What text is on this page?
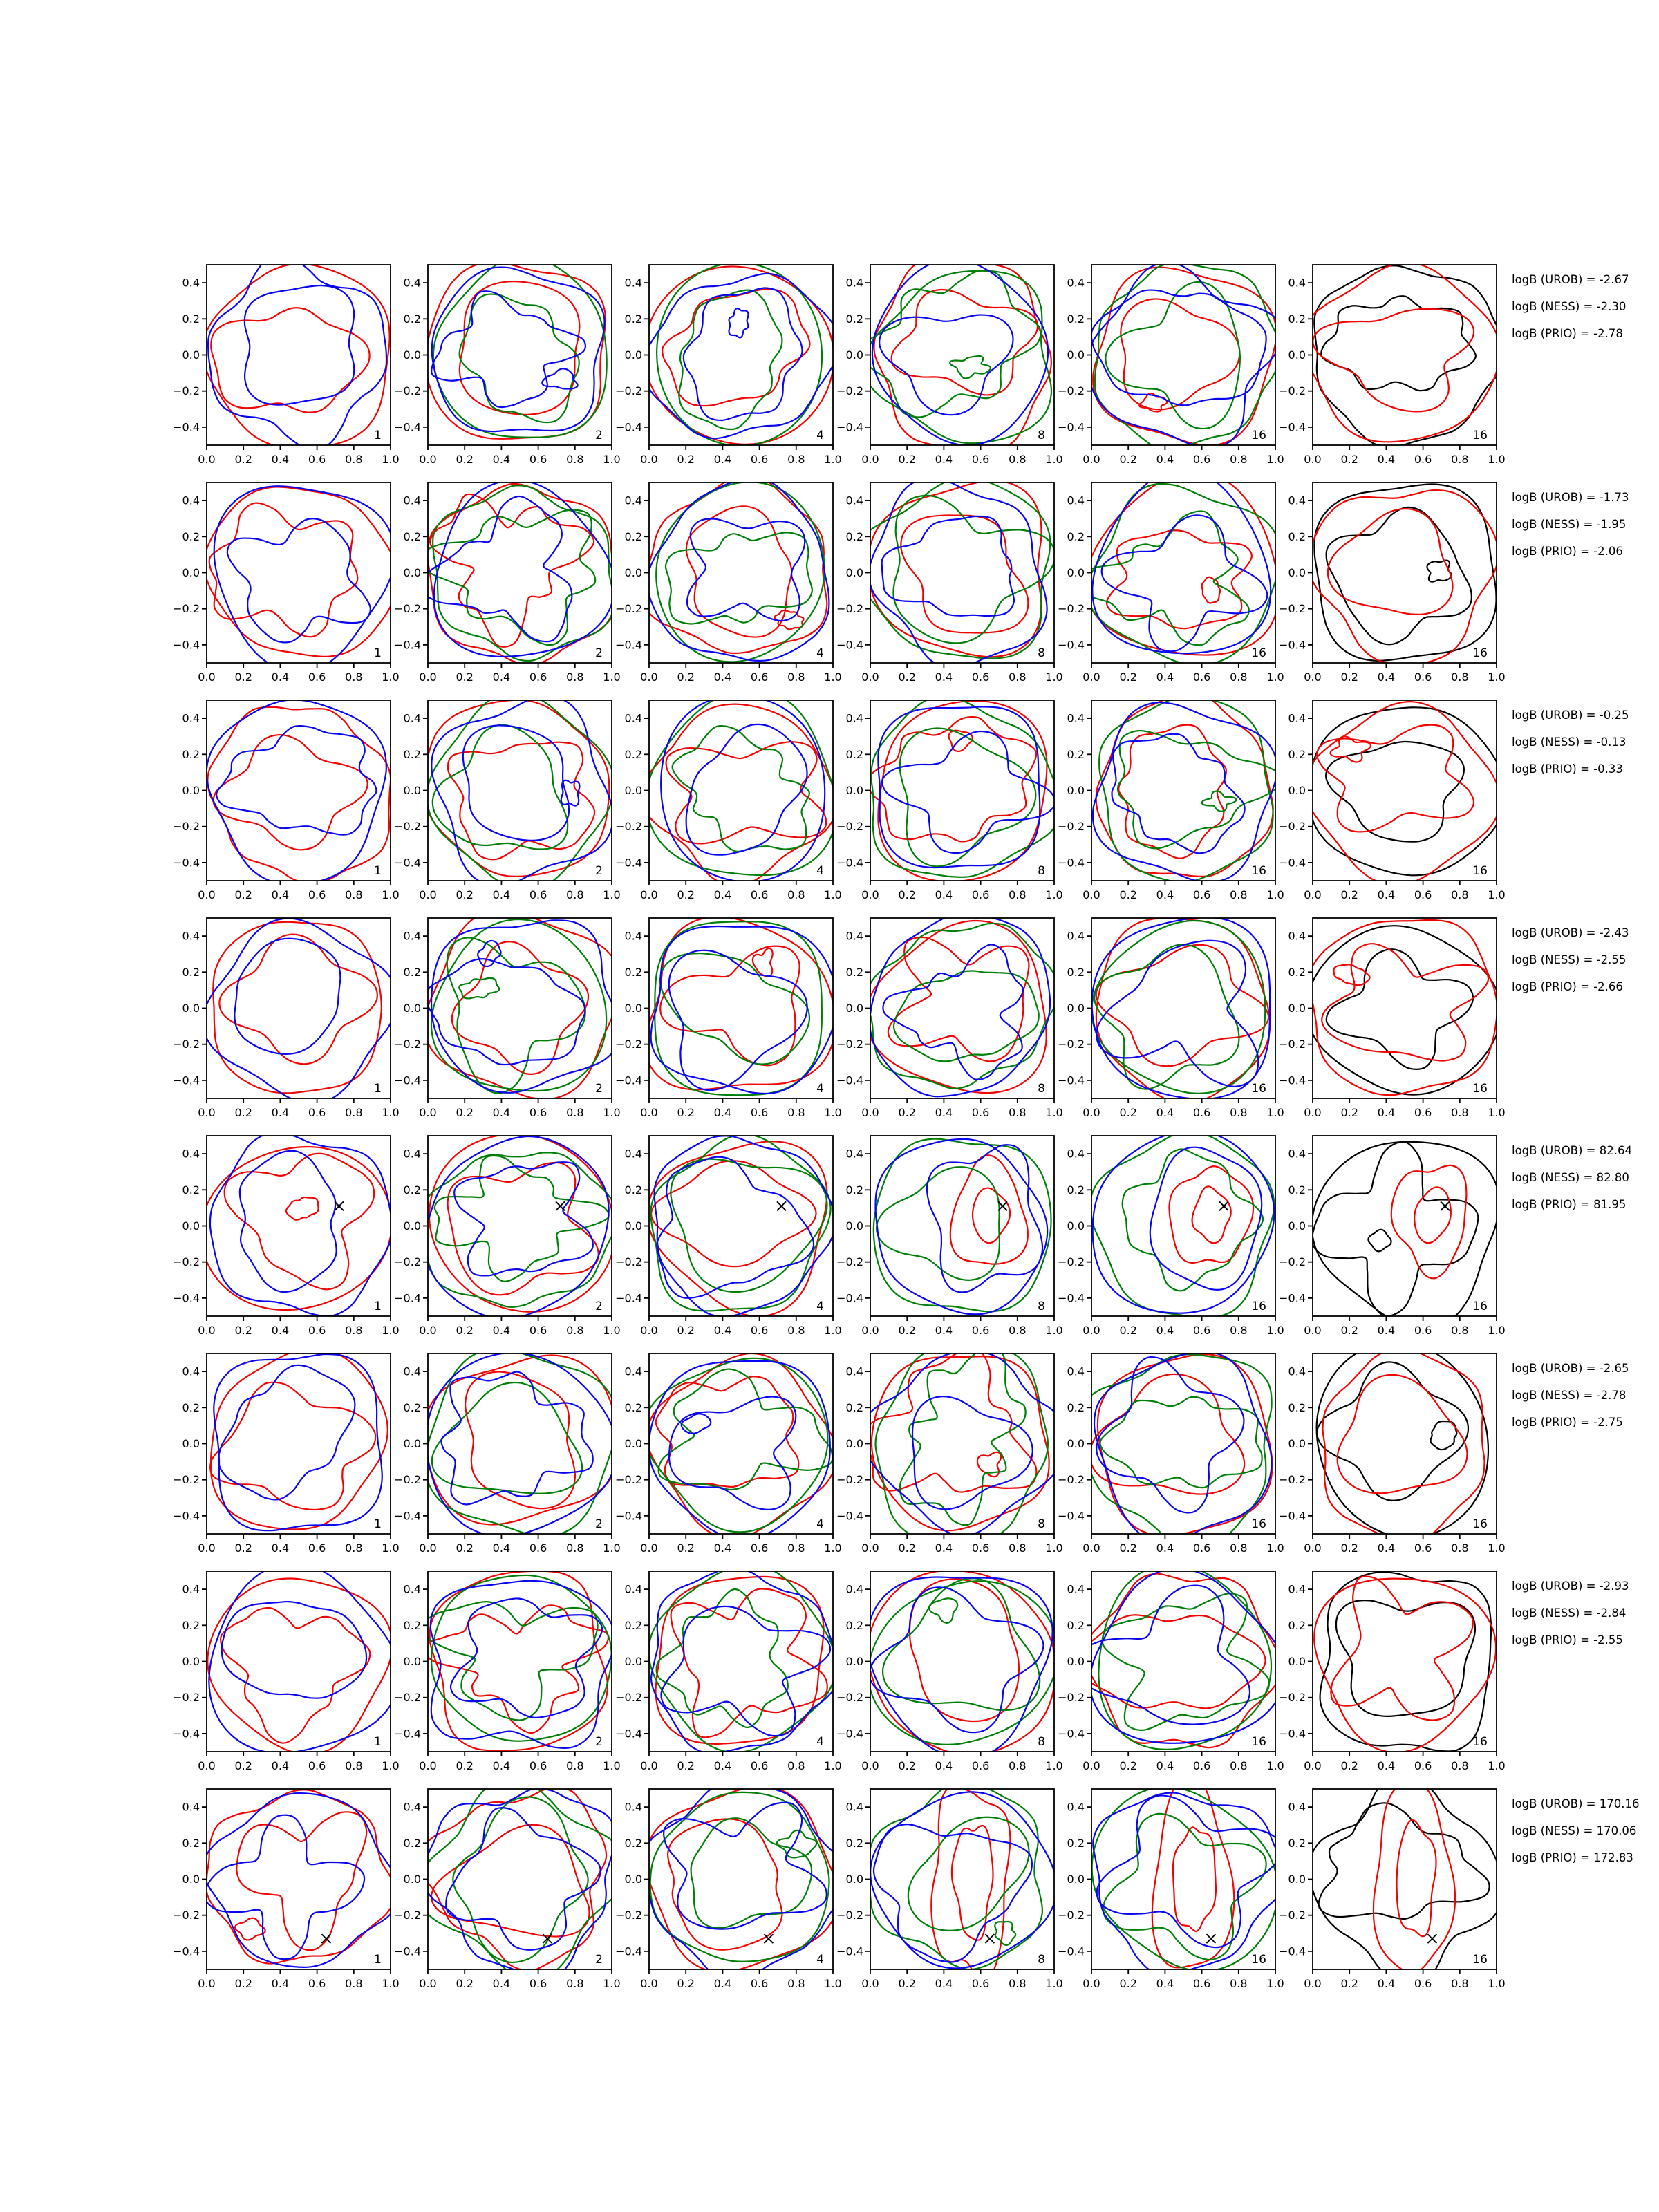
0.0 0.2 0.4 0.6 0.8 1.0
0.4
0.2
0.0
−0.2
−0.4
1
0.0 0.2 0.4 0.6 0.8 1.0
0.4
0.2
0.0
−0.2
−0.4
2
0.0 0.2 0.4 0.6 0.8 1.0
0.4
0.2
0.0
−0.2
−0.4
4
0.0 0.2 0.4 0.6 0.8 1.0
0.4
0.2
0.0
−0.2
−0.4
8
0.0 0.2 0.4 0.6 0.8 1.0
0.4
0.2
0.0
−0.2
−0.4
16
0.0 0.2 0.4 0.6 0.8 1.0
0.4
0.2
0.0
−0.2
−0.4
16
0.0 0.2 0.4 0.6 0.8 1.0
0.4
0.2
0.0
−0.2
−0.4
1
0.0 0.2 0.4 0.6 0.8 1.0
0.4
0.2
0.0
−0.2
−0.4
2
0.0 0.2 0.4 0.6 0.8 1.0
0.4
0.2
0.0
−0.2
−0.4
4
0.0 0.2 0.4 0.6 0.8 1.0
0.4
0.2
0.0
−0.2
−0.4
8
0.0 0.2 0.4 0.6 0.8 1.0
0.4
0.2
0.0
−0.2
−0.4
16
0.0 0.2 0.4 0.6 0.8 1.0
0.4
0.2
0.0
−0.2
−0.4
16
0.0 0.2 0.4 0.6 0.8 1.0
0.4
0.2
0.0
−0.2
−0.4
1
0.0 0.2 0.4 0.6 0.8 1.0
0.4
0.2
0.0
−0.2
−0.4
2
0.0 0.2 0.4 0.6 0.8 1.0
0.4
0.2
0.0
−0.2
−0.4
4
0.0 0.2 0.4 0.6 0.8 1.0
0.4
0.2
0.0
−0.2
−0.4
8
0.0 0.2 0.4 0.6 0.8 1.0
0.4
0.2
0.0
−0.2
−0.4
16
0.0 0.2 0.4 0.6 0.8 1.0
0.4
0.2
0.0
−0.2
−0.4
16
0.0 0.2 0.4 0.6 0.8 1.0
0.4
0.2
0.0
−0.2
−0.4
1
0.0 0.2 0.4 0.6 0.8 1.0
0.4
0.2
0.0
−0.2
−0.4
2
0.0 0.2 0.4 0.6 0.8 1.0
0.4
0.2
0.0
−0.2
−0.4
4
0.0 0.2 0.4 0.6 0.8 1.0
0.4
0.2
0.0
−0.2
−0.4
8
0.0 0.2 0.4 0.6 0.8 1.0
0.4
0.2
0.0
−0.2
−0.4
16
0.0 0.2 0.4 0.6 0.8 1.0
0.4
0.2
0.0
−0.2
−0.4
16
0.0 0.2 0.4 0.6 0.8 1.0
0.4
0.2
0.0
−0.2
−0.4
1
0.0 0.2 0.4 0.6 0.8 1.0
0.4
0.2
0.0
−0.2
−0.4
2
0.0 0.2 0.4 0.6 0.8 1.0
0.4
0.2
0.0
−0.2
−0.4
4
0.0 0.2 0.4 0.6 0.8 1.0
0.4
0.2
0.0
−0.2
−0.4
8
0.0 0.2 0.4 0.6 0.8 1.0
0.4
0.2
0.0
−0.2
−0.4
16
0.0 0.2 0.4 0.6 0.8 1.0
0.4
0.2
0.0
−0.2
−0.4
16
0.0 0.2 0.4 0.6 0.8 1.0
0.4
0.2
0.0
−0.2
−0.4
1
0.0 0.2 0.4 0.6 0.8 1.0
0.4
0.2
0.0
−0.2
−0.4
2
0.0 0.2 0.4 0.6 0.8 1.0
0.4
0.2
0.0
−0.2
−0.4
4
0.0 0.2 0.4 0.6 0.8 1.0
0.4
0.2
0.0
−0.2
−0.4
8
0.0 0.2 0.4 0.6 0.8 1.0
0.4
0.2
0.0
−0.2
−0.4
16
0.0 0.2 0.4 0.6 0.8 1.0
0.4
0.2
0.0
−0.2
−0.4
16
0.0 0.2 0.4 0.6 0.8 1.0
0.4
0.2
0.0
−0.2
−0.4
1
0.0 0.2 0.4 0.6 0.8 1.0
0.4
0.2
0.0
−0.2
−0.4
2
0.0 0.2 0.4 0.6 0.8 1.0
0.4
0.2
0.0
−0.2
−0.4
4
0.0 0.2 0.4 0.6 0.8 1.0
0.4
0.2
0.0
−0.2
−0.4
8
0.0 0.2 0.4 0.6 0.8 1.0
0.4
0.2
0.0
−0.2
−0.4
16
0.0 0.2 0.4 0.6 0.8 1.0
0.4
0.2
0.0
−0.2
−0.4
16
0.0 0.2 0.4 0.6 0.8 1.0
0.4
0.2
0.0
−0.2
−0.4
1
0.0 0.2 0.4 0.6 0.8 1.0
0.4
0.2
0.0
−0.2
−0.4
2
0.0 0.2 0.4 0.6 0.8 1.0
0.4
0.2
0.0
−0.2
−0.4
4
0.0 0.2 0.4 0.6 0.8 1.0
0.4
0.2
0.0
−0.2
−0.4
8
0.0 0.2 0.4 0.6 0.8 1.0
0.4
0.2
0.0
−0.2
−0.4
16
0.0 0.2 0.4 0.6 0.8 1.0
0.4
0.2
0.0
−0.2
−0.4
16
logB (UROB) = -2.67
logB (NESS) = -2.30
logB (PRIO) = -2.78
logB (UROB) = -1.73
logB (NESS) = -1.95
logB (PRIO) = -2.06
logB (UROB) = -0.25
logB (NESS) = -0.13
logB (PRIO) = -0.33
logB (UROB) = -2.43
logB (NESS) = -2.55
logB (PRIO) = -2.66
logB (UROB) = 82.64
logB (NESS) = 82.80
logB (PRIO) = 81.95
logB (UROB) = -2.65
logB (NESS) = -2.78
logB (PRIO) = -2.75
logB (UROB) = -2.93
logB (NESS) = -2.84
logB (PRIO) = -2.55
logB (UROB) = 170.16
logB (NESS) = 170.06
logB (PRIO) = 172.83
